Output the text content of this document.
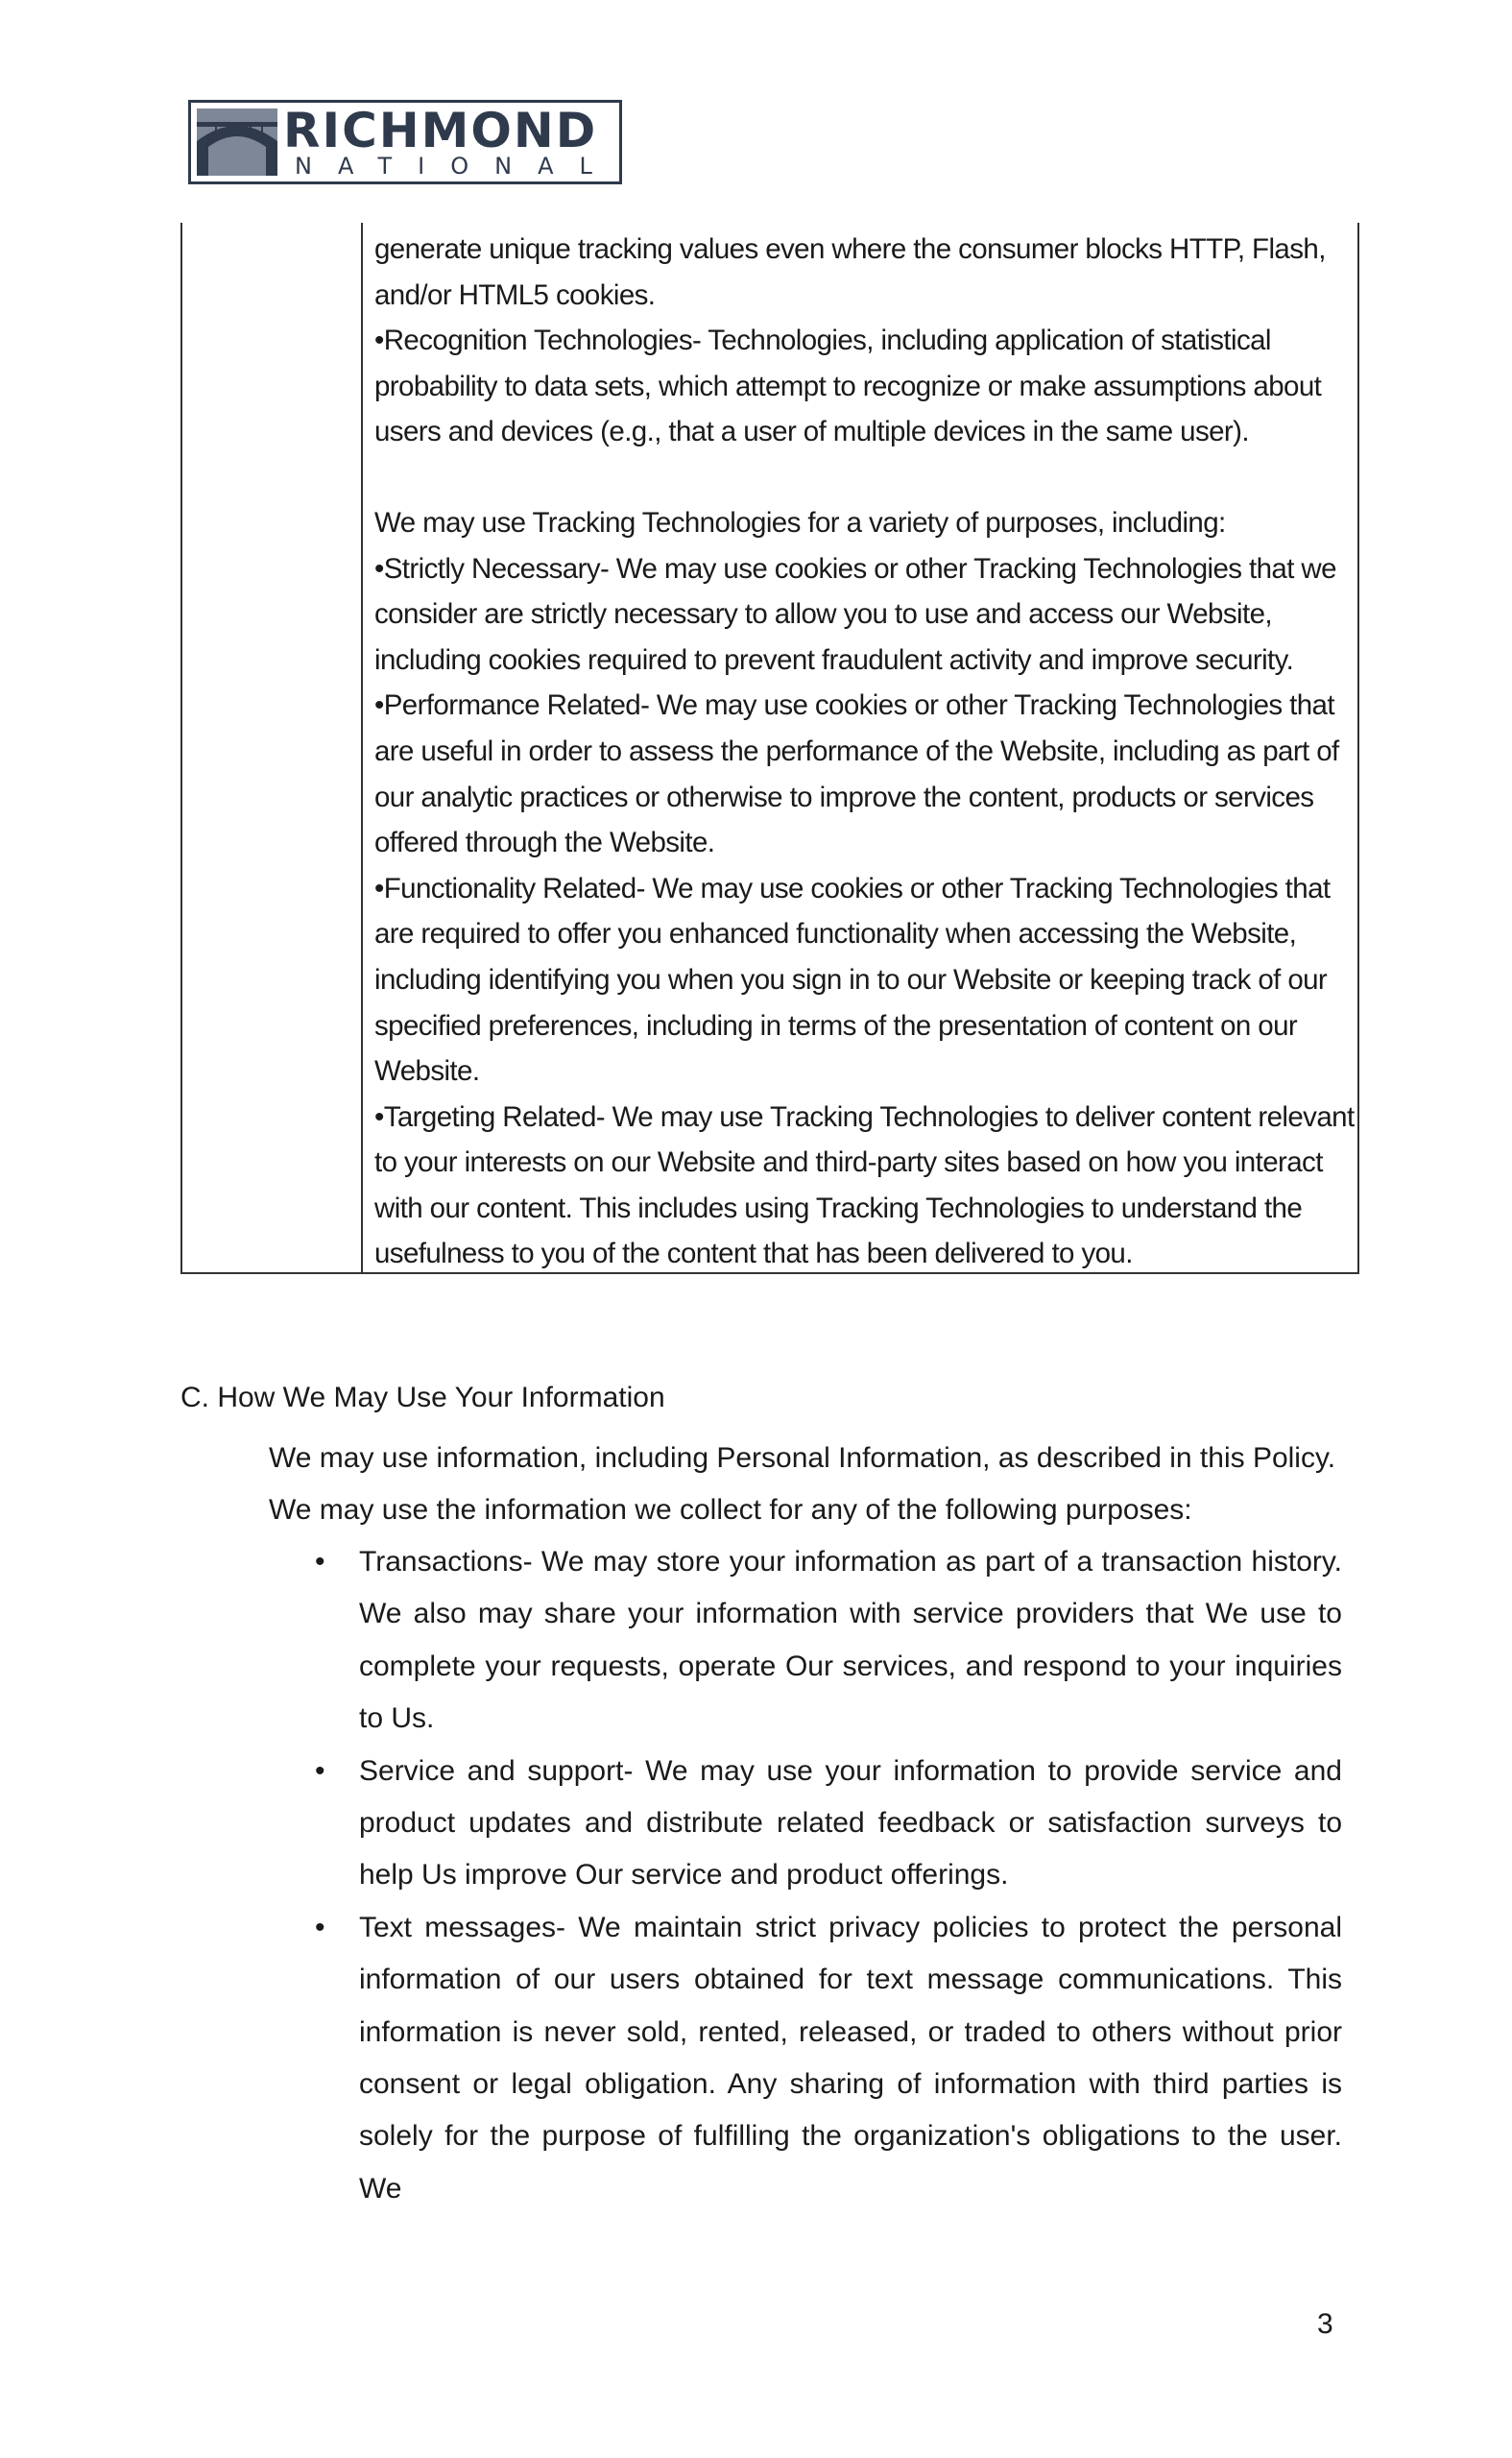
RICHMOND
NATIONAL

generate unique tracking values even where the consumer blocks HTTP, Flash,

and/or HTML5 cookies.

•Recognition Technologies- Technologies, including application of statistical

probability to data sets, which attempt to recognize or make assumptions about

users and devices (e.g., that a user of multiple devices in the same user).

We may use Tracking Technologies for a variety of purposes, including:

•Strictly Necessary- We may use cookies or other Tracking Technologies that we

consider are strictly necessary to allow you to use and access our Website,

including cookies required to prevent fraudulent activity and improve security.

•Performance Related- We may use cookies or other Tracking Technologies that

are useful in order to assess the performance of the Website, including as part of

our analytic practices or otherwise to improve the content, products or services

offered through the Website.

•Functionality Related- We may use cookies or other Tracking Technologies that

are required to offer you enhanced functionality when accessing the Website,

including identifying you when you sign in to our Website or keeping track of our

specified preferences, including in terms of the presentation of content on our

Website.

•Targeting Related- We may use Tracking Technologies to deliver content relevant

to your interests on our Website and third-party sites based on how you interact

with our content. This includes using Tracking Technologies to understand the

usefulness to you of the content that has been delivered to you.

C. How We May Use Your Information

We may use information, including Personal Information, as described in this Policy.

We may use the information we collect for any of the following purposes:

• Transactions- We may store your information as part of a transaction history. We also may share your information with service providers that We use to complete your requests, operate Our services, and respond to your inquiries to Us.
• Service and support- We may use your information to provide service and product updates and distribute related feedback or satisfaction surveys to help Us improve Our service and product offerings.
• Text messages- We maintain strict privacy policies to protect the personal information of our users obtained for text message communications. This information is never sold, rented, released, or traded to others without prior consent or legal obligation. Any sharing of information with third parties is solely for the purpose of fulfilling the organization's obligations to the user. We
3
